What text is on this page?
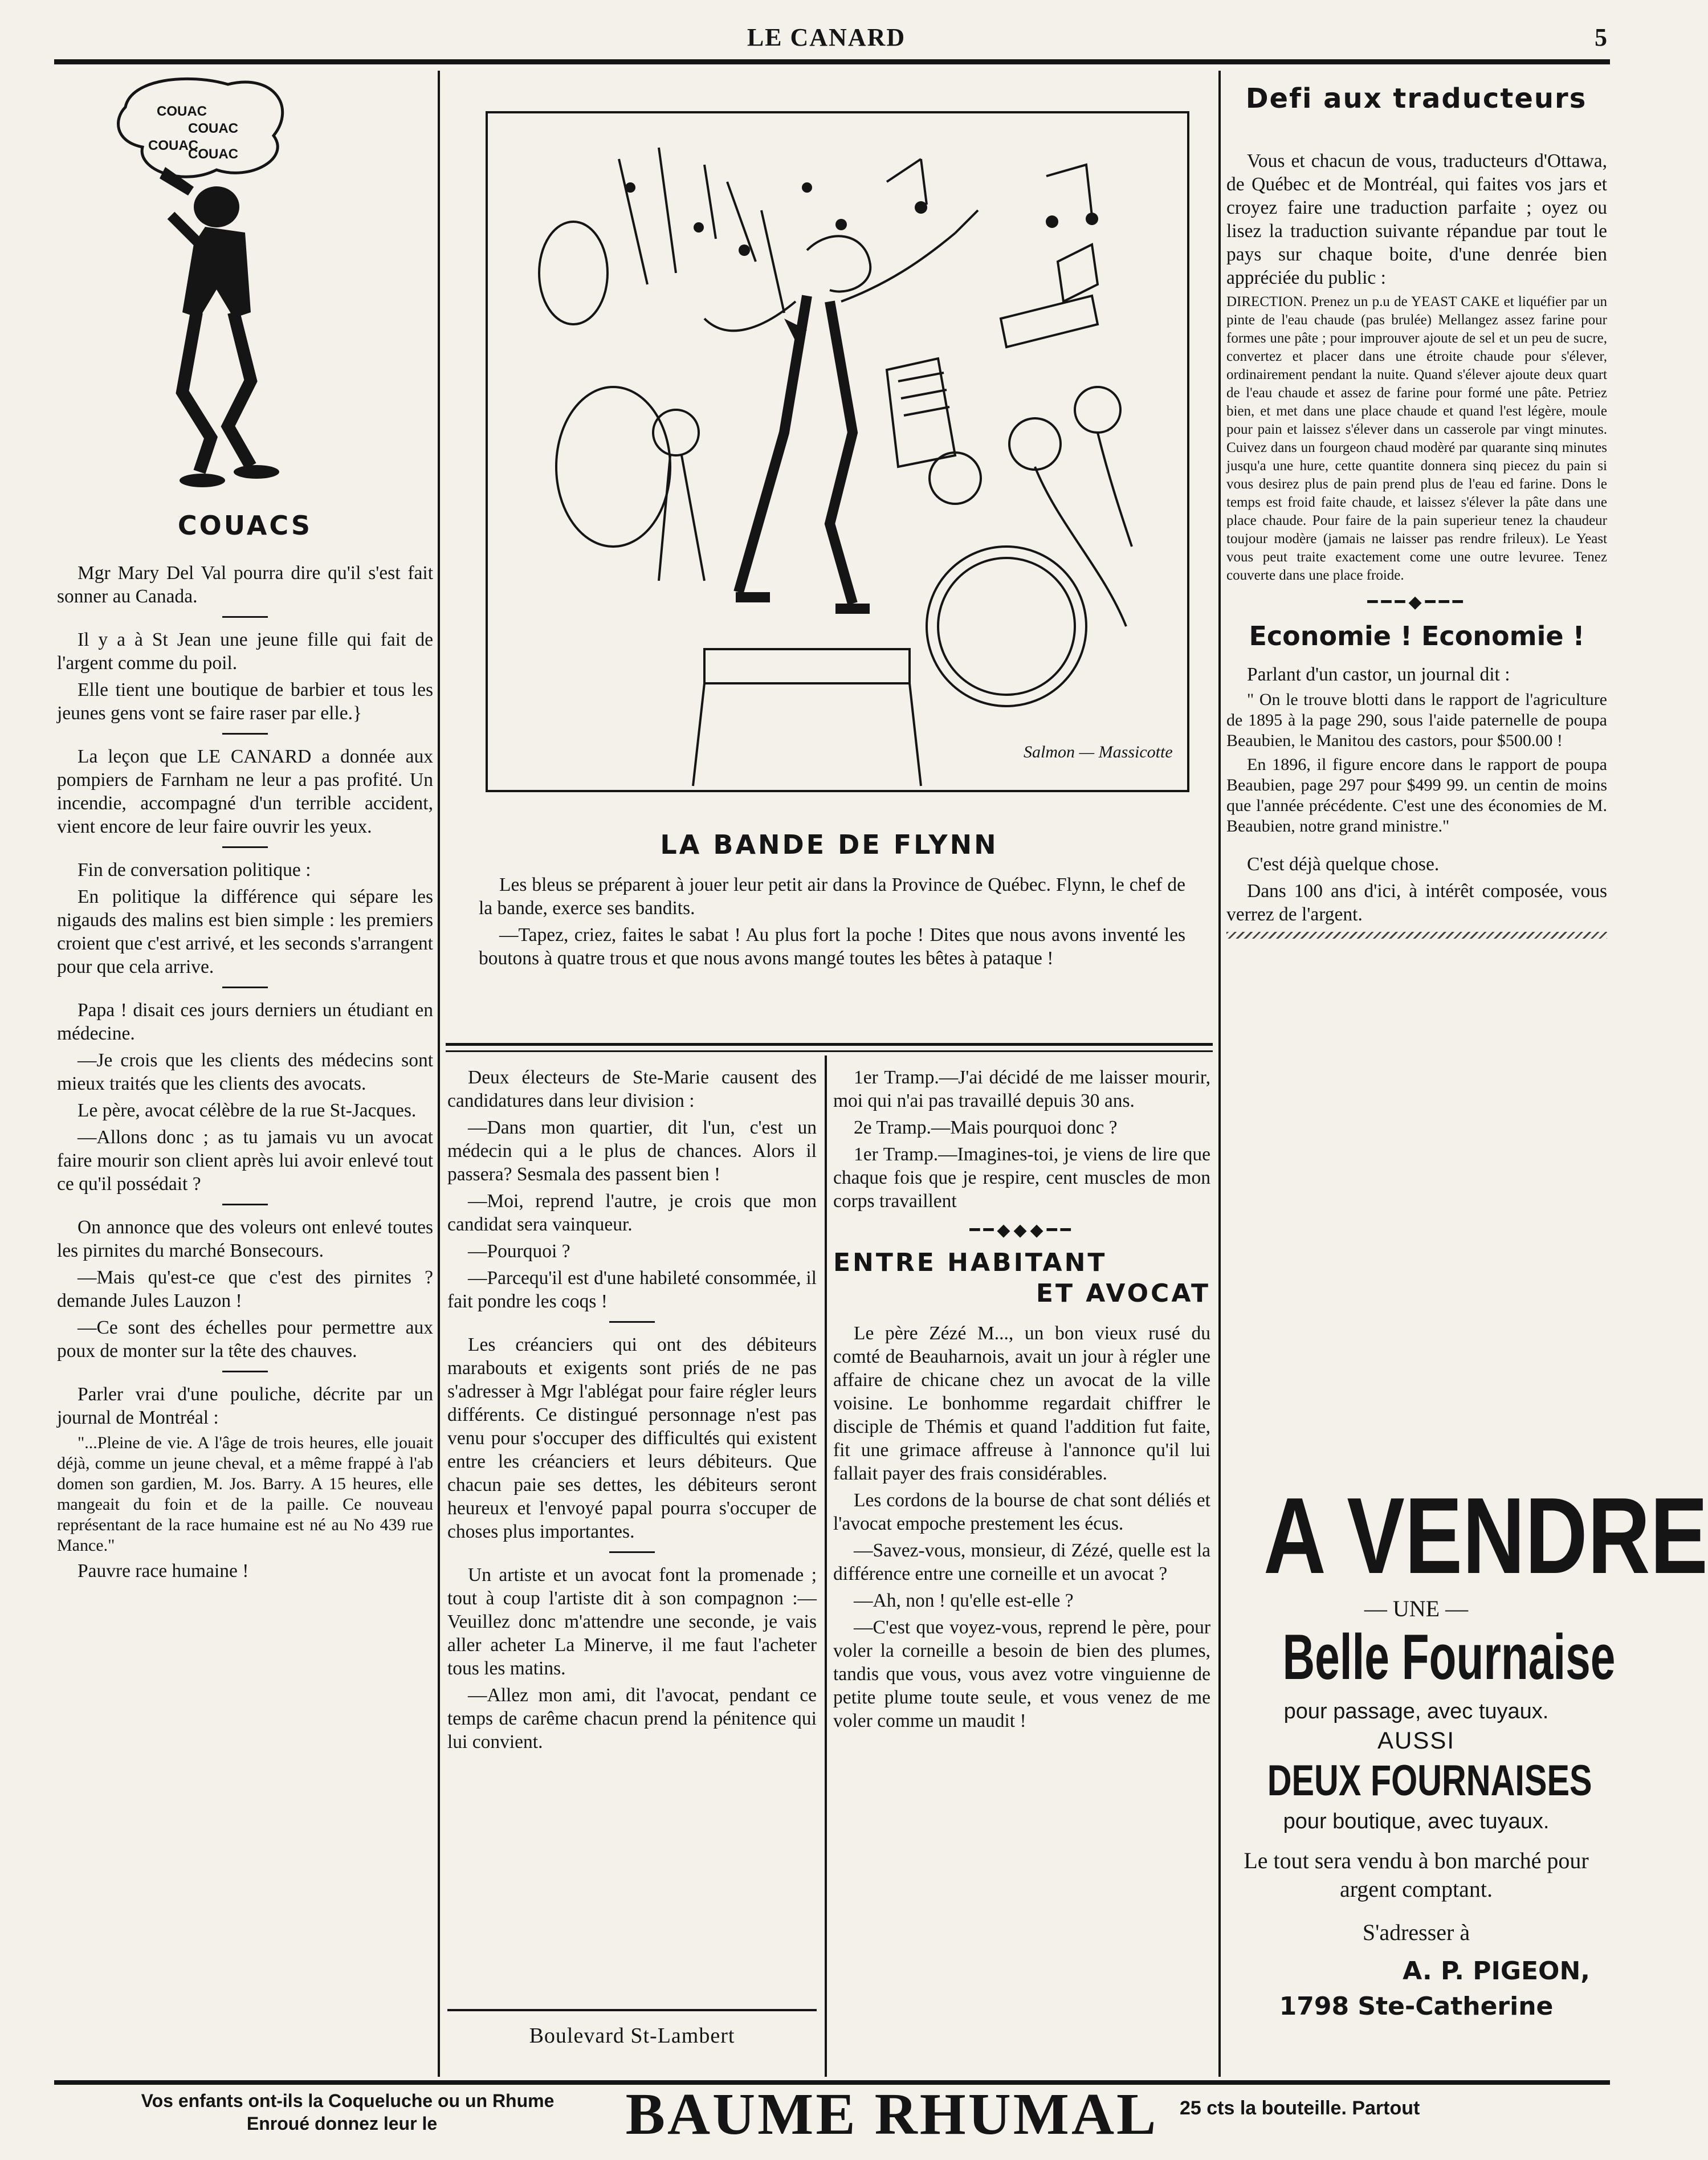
LE CANARD	5
COUAC
COUAC
COUAC
COUAC
COUACS

Mgr Mary Del Val pourra dire qu'il s'est fait sonner au Canada.

Il y a à St Jean une jeune fille qui fait de l'argent comme du poil.

Elle tient une boutique de barbier et tous les jeunes gens vont se faire raser par elle.}

La leçon que LE CANARD a donnée aux pompiers de Farnham ne leur a pas profité. Un incendie, accompagné d'un terrible accident, vient encore de leur faire ouvrir les yeux.

Fin de conversation politique :

En politique la différence qui sépare les nigauds des malins est bien simple : les premiers croient que c'est arrivé, et les seconds s'arrangent pour que cela arrive.

Papa ! disait ces jours derniers un étudiant en médecine.

—Je crois que les clients des médecins sont mieux traités que les clients des avocats.

Le père, avocat célèbre de la rue St-Jacques.

—Allons donc ; as tu jamais vu un avocat faire mourir son client après lui avoir enlevé tout ce qu'il possédait ?

On annonce que des voleurs ont enlevé toutes les pirnites du marché Bonsecours.

—Mais qu'est-ce que c'est des pirnites ? demande Jules Lauzon !

—Ce sont des échelles pour permettre aux poux de monter sur la tête des chauves.

Parler vrai d'une pouliche, décrite par un journal de Montréal :

"...Pleine de vie. A l'âge de trois heures, elle jouait déjà, comme un jeune cheval, et a même frappé à l'ab domen son gardien, M. Jos. Barry. A 15 heures, elle mangeait du foin et de la paille. Ce nouveau représentant de la race humaine est né au No 439 rue Mance."

Pauvre race humaine !

Salmon — Massicotte
LA BANDE DE FLYNN

Les bleus se préparent à jouer leur petit air dans la Province de Québec. Flynn, le chef de la bande, exerce ses bandits.

—Tapez, criez, faites le sabat ! Au plus fort la poche ! Dites que nous avons inventé les boutons à quatre trous et que nous avons mangé toutes les bêtes à pataque !

Deux électeurs de Ste-Marie causent des candidatures dans leur division :

—Dans mon quartier, dit l'un, c'est un médecin qui a le plus de chances. Alors il passera? Sesmala des passent bien !

—Moi, reprend l'autre, je crois que mon candidat sera vainqueur.

—Pourquoi ?

—Parcequ'il est d'une habileté consommée, il fait pondre les coqs !

Les créanciers qui ont des débiteurs marabouts et exigents sont priés de ne pas s'adresser à Mgr l'ablégat pour faire régler leurs différents. Ce distingué personnage n'est pas venu pour s'occuper des difficultés qui existent entre les créanciers et leurs débiteurs. Que chacun paie ses dettes, les débiteurs seront heureux et l'envoyé papal pourra s'occuper de choses plus importantes.

Un artiste et un avocat font la promenade ; tout à coup l'artiste dit à son compagnon :—Veuillez donc m'attendre une seconde, je vais aller acheter La Minerve, il me faut l'acheter tous les matins.

—Allez mon ami, dit l'avocat, pendant ce temps de carême chacun prend la pénitence qui lui convient.

Boulevard St-Lambert

1er Tramp.—J'ai décidé de me laisser mourir, moi qui n'ai pas travaillé depuis 30 ans.

2e Tramp.—Mais pourquoi donc ?

1er Tramp.—Imagines-toi, je viens de lire que chaque fois que je respire, cent muscles de mon corps travaillent

━━◆◆◆━━
ENTRE HABITANT
ET AVOCAT

Le père Zézé M..., un bon vieux rusé du comté de Beauharnois, avait un jour à régler une affaire de chicane chez un avocat de la ville voisine. Le bonhomme regardait chiffrer le disciple de Thémis et quand l'addition fut faite, fit une grimace affreuse à l'annonce qu'il lui fallait payer des frais considérables.

Les cordons de la bourse de chat sont déliés et l'avocat empoche prestement les écus.

—Savez-vous, monsieur, di Zézé, quelle est la différence entre une corneille et un avocat ?

—Ah, non ! qu'elle est-elle ?

—C'est que voyez-vous, reprend le père, pour voler la corneille a besoin de bien des plumes, tandis que vous, vous avez votre vinguienne de petite plume toute seule, et vous venez de me voler comme un maudit !

Defi aux traducteurs

Vous et chacun de vous, traducteurs d'Ottawa, de Québec et de Montréal, qui faites vos jars et croyez faire une traduction parfaite ; oyez ou lisez la traduction suivante répandue par tout le pays sur chaque boite, d'une denrée bien appréciée du public :

DIRECTION. Prenez un p.u de YEAST CAKE et liquéfier par un pinte de l'eau chaude (pas brulée) Mellangez assez farine pour formes une pâte ; pour improuver ajoute de sel et un peu de sucre, convertez et placer dans une étroite chaude pour s'élever, ordinairement pendant la nuite. Quand s'élever ajoute deux quart de l'eau chaude et assez de farine pour formé une pâte. Petriez bien, et met dans une place chaude et quand l'est légère, moule pour pain et laissez s'élever dans un casserole par vingt minutes. Cuivez dans un fourgeon chaud modèré par quarante sinq minutes jusqu'a une hure, cette quantite donnera sinq piecez du pain si vous desirez plus de pain prend plus de l'eau ed farine. Dons le temps est froid faite chaude, et laissez s'élever la pâte dans une place chaude. Pour faire de la pain superieur tenez la chaudeur toujour modère (jamais ne laisser pas rendre frileux). Le Yeast vous peut traite exactement come une outre levuree. Tenez couverte dans une place froide.

━━━◆━━━
Economie ! Economie !

Parlant d'un castor, un journal dit :

" On le trouve blotti dans le rapport de l'agriculture de 1895 à la page 290, sous l'aide paternelle de poupa Beaubien, le Manitou des castors, pour $500.00 !

En 1896, il figure encore dans le rapport de poupa Beaubien, page 297 pour $499 99. un centin de moins que l'année précédente. C'est une des économies de M. Beaubien, notre grand ministre."

C'est déjà quelque chose.

Dans 100 ans d'ici, à intérêt composée, vous verrez de l'argent.

A VENDRE
— UNE —
Belle Fournaise
pour passage, avec tuyaux.
AUSSI
DEUX FOURNAISES
pour boutique, avec tuyaux.
Le tout sera vendu à bon marché pour argent comptant.
S'adresser à
A. P. PIGEON,
1798 Ste-Catherine
Vos enfants ont-ils la Coqueluche ou un Rhume
Enroué donnez leur le	BAUME RHUMAL 25 cts la bouteille. Partout
